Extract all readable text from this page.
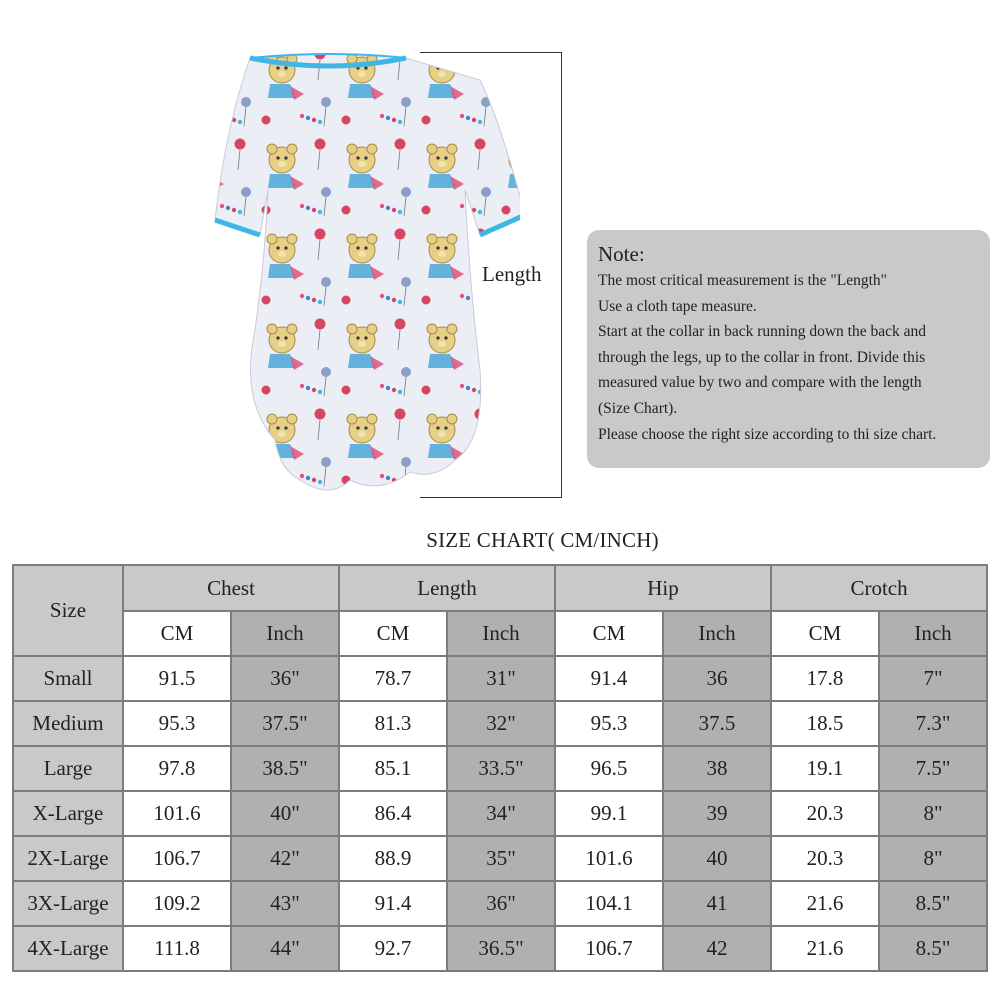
Length

Note:

The most critical measurement is the "Length"

Use a cloth tape measure.

Start at the collar in back running down the back and

through the legs, up to the collar in front. Divide this

measured value by two and compare with the length

(Size Chart).

Please choose the right size according to thi size chart.

SIZE CHART( CM/INCH)
Size	Chest		Length		Hip		Crotch	
	CM	Inch	CM	Inch	CM	Inch	CM	Inch
Small	91.5	36"	78.7	31"	91.4	36	17.8	7"
Medium	95.3	37.5"	81.3	32"	95.3	37.5	18.5	7.3"
Large	97.8	38.5"	85.1	33.5"	96.5	38	19.1	7.5"
X-Large	101.6	40"	86.4	34"	99.1	39	20.3	8"
2X-Large	106.7	42"	88.9	35"	101.6	40	20.3	8"
3X-Large	109.2	43"	91.4	36"	104.1	41	21.6	8.5"
4X-Large	111.8	44"	92.7	36.5"	106.7	42	21.6	8.5"
